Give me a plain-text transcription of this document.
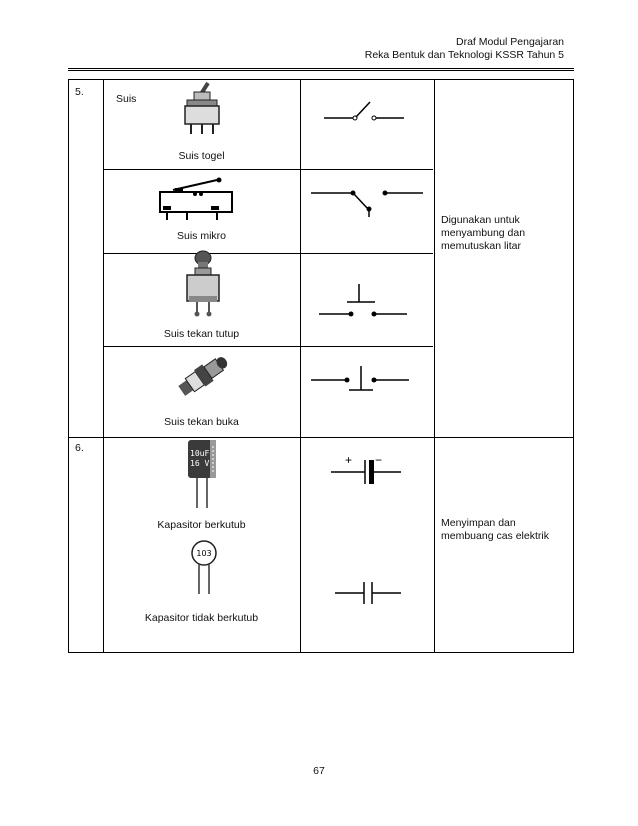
Draf Modul Pengajaran
Reka Bentuk dan Teknologi KSSR Tahun 5
5.
Suis
Suis togel
Suis mikro
Digunakan untuk menyambung dan memutuskan litar
Suis tekan tutup
Suis tekan buka
6.	10uF
16 V
Kapasitor berkutub
+ −
Menyimpan dan membuang cas elektrik
103
Kapasitor tidak berkutub
67
